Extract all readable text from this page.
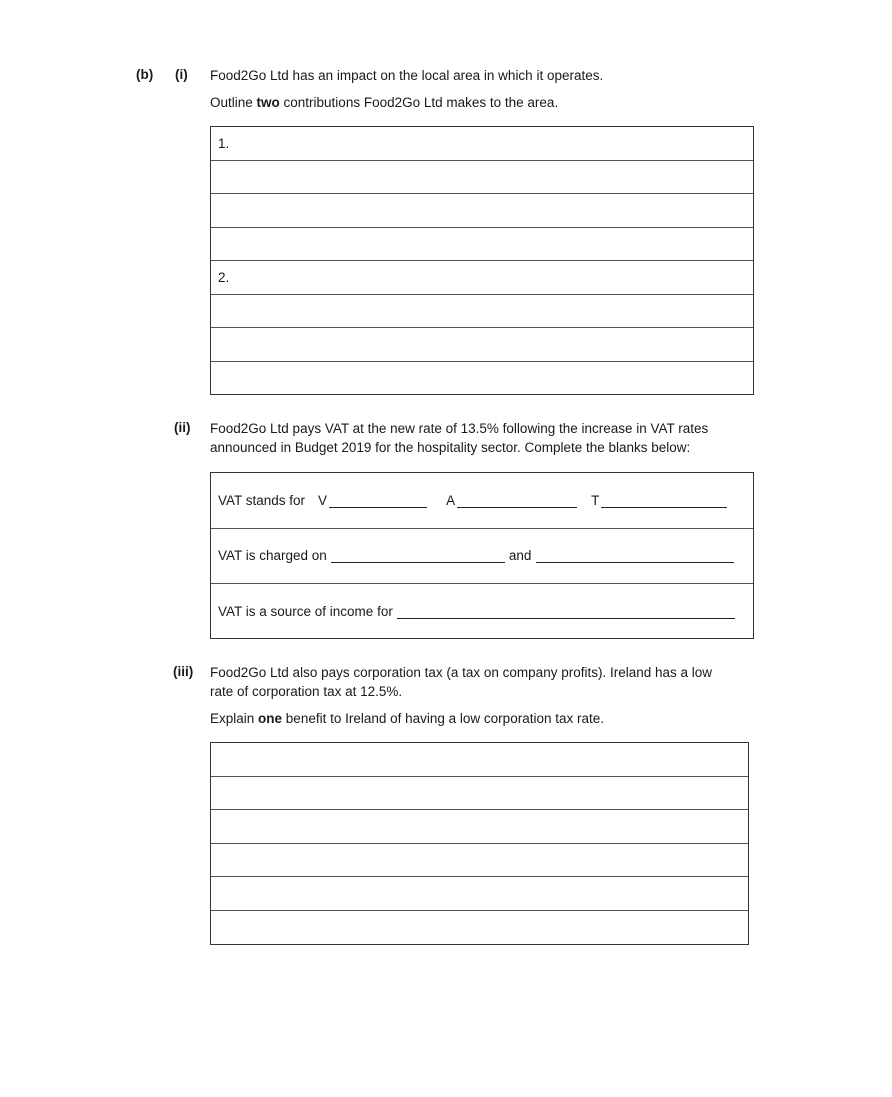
(b) (i) Food2Go Ltd has an impact on the local area in which it operates.
Outline two contributions Food2Go Ltd makes to the area.
1.
2.
(ii) Food2Go Ltd pays VAT at the new rate of 13.5% following the increase in VAT rates
announced in Budget 2019 for the hospitality sector. Complete the blanks below:
VAT stands for V	A	T
VAT is charged on	and
VAT is a source of income for
(iii) Food2Go Ltd also pays corporation tax (a tax on company profits). Ireland has a low
rate of corporation tax at 12.5%.
Explain one benefit to Ireland of having a low corporation tax rate.
